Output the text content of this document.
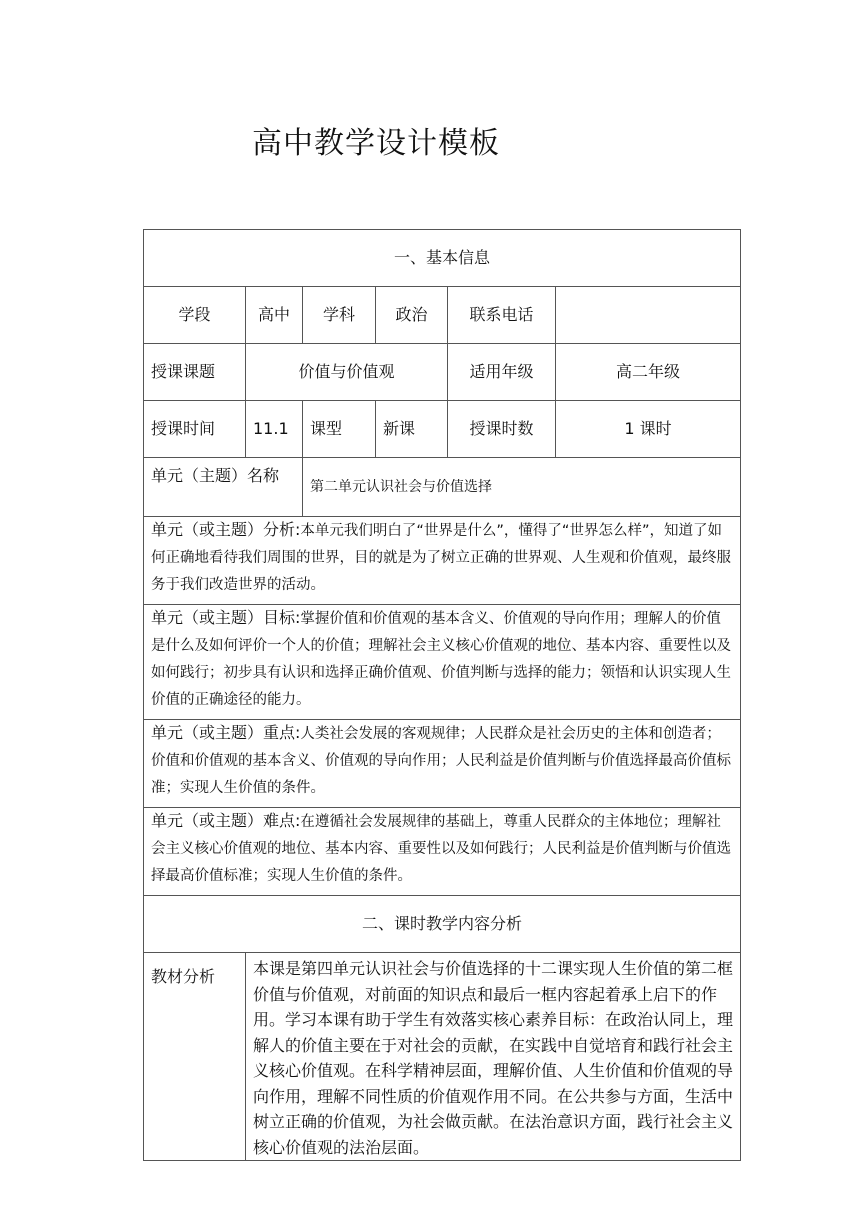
高中教学设计模板
一、基本信息					
学段	高中	学科	政治	联系电话	
授课课题	价值与价值观			适用年级	高二年级
授课时间	11.1	课型	新课	授课时数	1 课时
单元（主题）名称		第二单元认识社会与价值选择			
单元（或主题）分析:本单元我们明白了“世界是什么”，懂得了“世界怎么样”，知道了如何正确地看待我们周围的世界，目的就是为了树立正确的世界观、人生观和价值观，最终服务于我们改造世界的活动。					
单元（或主题）目标:掌握价值和价值观的基本含义、价值观的导向作用；理解人的价值是什么及如何评价一个人的价值；理解社会主义核心价值观的地位、基本内容、重要性以及如何践行；初步具有认识和选择正确价值观、价值判断与选择的能力；领悟和认识实现人生价值的正确途径的能力。					
单元（或主题）重点:人类社会发展的客观规律；人民群众是社会历史的主体和创造者；价值和价值观的基本含义、价值观的导向作用；人民利益是价值判断与价值选择最高价值标准；实现人生价值的条件。					
单元（或主题）难点:在遵循社会发展规律的基础上，尊重人民群众的主体地位；理解社会主义核心价值观的地位、基本内容、重要性以及如何践行；人民利益是价值判断与价值选择最高价值标准；实现人生价值的条件。					
二、课时教学内容分析					
教材分析	本课是第四单元认识社会与价值选择的十二课实现人生价值的第二框价值与价值观，对前面的知识点和最后一框内容起着承上启下的作用。学习本课有助于学生有效落实核心素养目标：在政治认同上，理解人的价值主要在于对社会的贡献，在实践中自觉培育和践行社会主义核心价值观。在科学精神层面，理解价值、人生价值和价值观的导向作用，理解不同性质的价值观作用不同。在公共参与方面，生活中树立正确的价值观，为社会做贡献。在法治意识方面，践行社会主义核心价值观的法治层面。				
